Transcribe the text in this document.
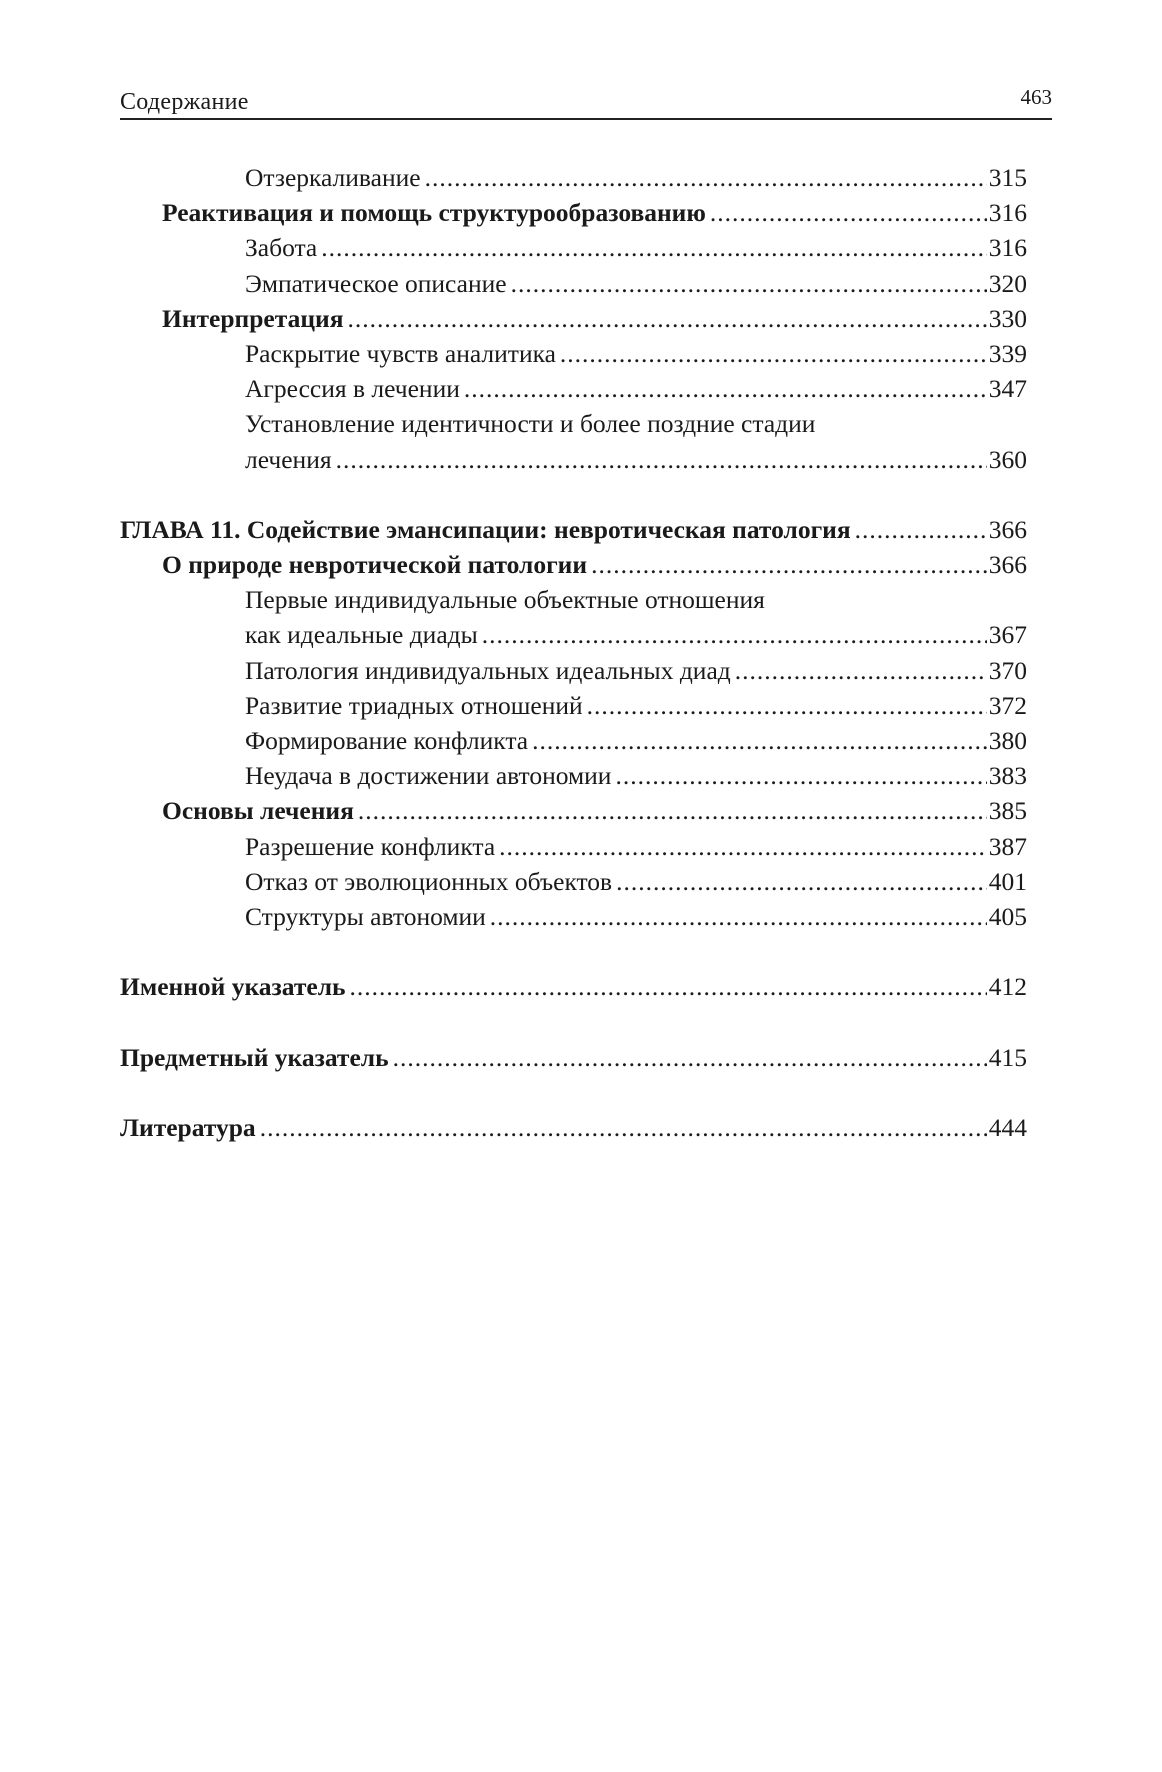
Содержание	463
Отзеркаливание .....	315
Реактивация и помощь структурообразованию .....	316
Забота .....	316
Эмпатическое описание .....	320
Интерпретация .....	330
Раскрытие чувств аналитика .....	339
Агрессия в лечении .....	347
Установление идентичности и более поздние стадии
лечения .....	360
ГЛАВА 11. Содействие эмансипации: невротическая патология .....	366
О природе невротической патологии .....	366
Первые индивидуальные объектные отношения
как идеальные диады .....	367
Патология индивидуальных идеальных диад .....	370
Развитие триадных отношений .....	372
Формирование конфликта .....	380
Неудача в достижении автономии .....	383
Основы лечения .....	385
Разрешение конфликта .....	387
Отказ от эволюционных объектов .....	401
Структуры автономии .....	405
Именной указатель .....	412
Предметный указатель .....	415
Литература .....	444
